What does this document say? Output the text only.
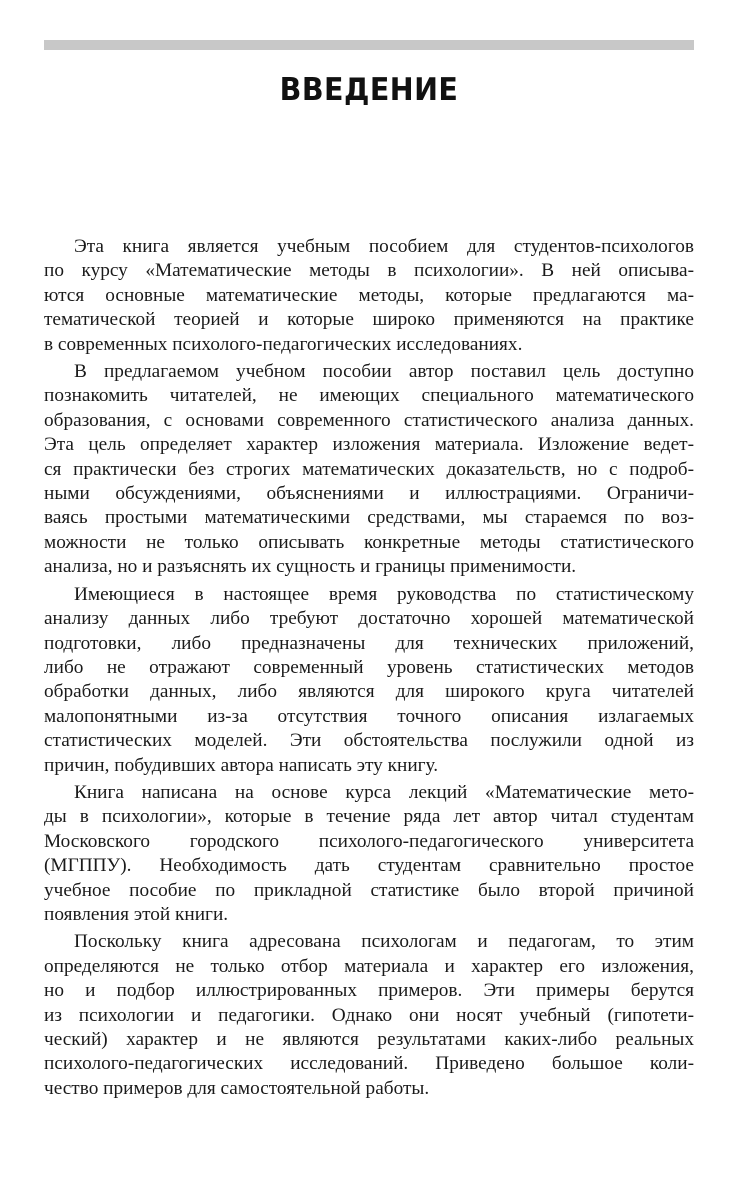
ВВЕДЕНИЕ
Эта книга является учебным пособием для студентов-психологов
по курсу «Математические методы в психологии». В ней описыва-
ются основные математические методы, которые предлагаются ма-
тематической теорией и которые широко применяются на практике
в современных психолого-педагогических исследованиях.
В предлагаемом учебном пособии автор поставил цель доступно
познакомить читателей, не имеющих специального математического
образования, с основами современного статистического анализа данных.
Эта цель определяет характер изложения материала. Изложение ведет-
ся практически без строгих математических доказательств, но с подроб-
ными обсуждениями, объяснениями и иллюстрациями. Ограничи-
ваясь простыми математическими средствами, мы стараемся по воз-
можности не только описывать конкретные методы статистического
анализа, но и разъяснять их сущность и границы применимости.
Имеющиеся в настоящее время руководства по статистическому
анализу данных либо требуют достаточно хорошей математической
подготовки, либо предназначены для технических приложений,
либо не отражают современный уровень статистических методов
обработки данных, либо являются для широкого круга читателей
малопонятными из-за отсутствия точного описания излагаемых
статистических моделей. Эти обстоятельства послужили одной из
причин, побудивших автора написать эту книгу.
Книга написана на основе курса лекций «Математические мето-
ды в психологии», которые в течение ряда лет автор читал студентам
Московского городского психолого-педагогического университета
(МГППУ). Необходимость дать студентам сравнительно простое
учебное пособие по прикладной статистике было второй причиной
появления этой книги.
Поскольку книга адресована психологам и педагогам, то этим
определяются не только отбор материала и характер его изложения,
но и подбор иллюстрированных примеров. Эти примеры берутся
из психологии и педагогики. Однако они носят учебный (гипотети-
ческий) характер и не являются результатами каких-либо реальных
психолого-педагогических исследований. Приведено большое коли-
чество примеров для самостоятельной работы.
